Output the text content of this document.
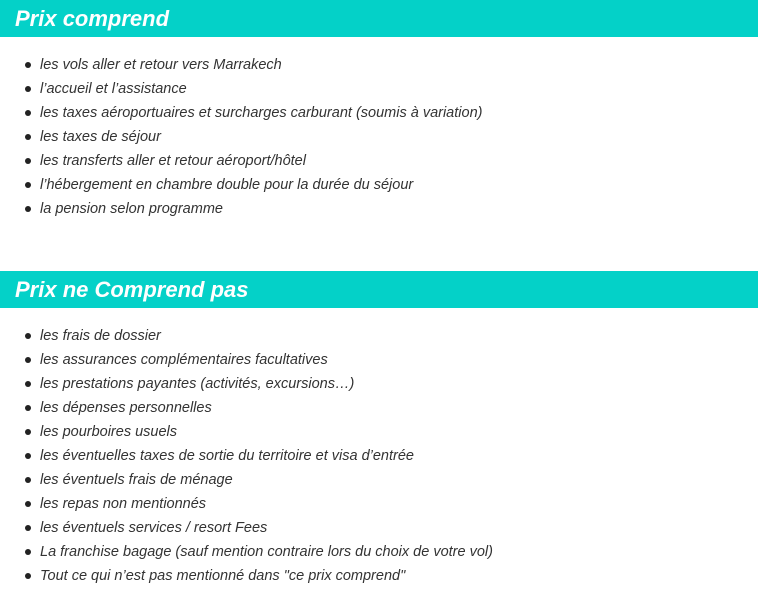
Prix comprend
les vols aller et retour vers Marrakech
l’accueil et l’assistance
les taxes aéroportuaires et surcharges carburant (soumis à variation)
les taxes de séjour
les transferts aller et retour aéroport/hôtel
l’hébergement en chambre double pour la durée du séjour
la pension selon programme
Prix ne Comprend pas
les frais de dossier
les assurances complémentaires facultatives
les prestations payantes (activités, excursions…)
les dépenses personnelles
les pourboires usuels
les éventuelles taxes de sortie du territoire et visa d’entrée
les éventuels frais de ménage
les repas non mentionnés
les éventuels services / resort Fees
La franchise bagage (sauf mention contraire lors du choix de votre vol)
Tout ce qui n’est pas mentionné dans "ce prix comprend"
